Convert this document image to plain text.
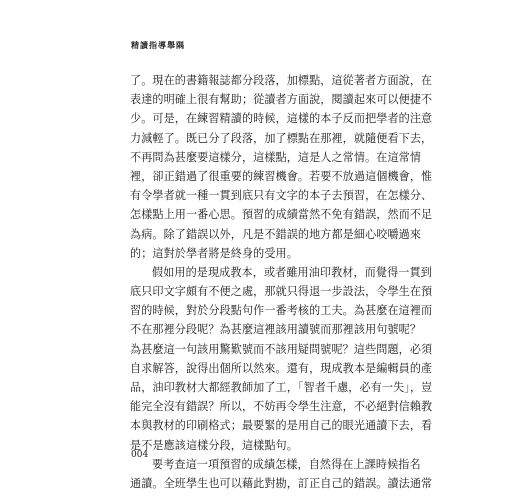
精讀指導舉隅
了。現在的書籍報誌都分段落，加標點，這從著者方面說，在
表達的明確上很有幫助；從讀者方面說，閱讀起來可以便捷不
少。可是，在練習精讀的時候，這樣的本子反而把學者的注意
力減輕了。既已分了段落，加了標點在那裡，就隨便看下去，
不再問為甚麼要這樣分，這樣點，這是人之常情。在這常情
裡，卻正錯過了很重要的練習機會。若要不放過這個機會，惟
有令學者就一種一貫到底只有文字的本子去預習，在怎樣分、
怎樣點上用一番心思。預習的成績當然不免有錯誤，然而不足
為病。除了錯誤以外，凡是不錯誤的地方都是細心咬嚼過來
的；這對於學者將是終身的受用。
假如用的是現成教本，或者雖用油印教材，而覺得一貫到
底只印文字頗有不便之處，那就只得退一步設法，令學生在預
習的時候，對於分段點句作一番考核的工夫。為甚麼在這裡而
不在那裡分段呢？為甚麼這裡該用讀號而那裡該用句號呢？
為甚麼這一句該用驚歎號而不該用疑問號呢？這些問題，必須
自求解答，說得出個所以然來。還有，現成教本是編輯員的產
品，油印教材大都經教師加了工，「智者千慮，必有一失」，豈
能完全沒有錯誤？所以，不妨再令學生注意，不必絕對信賴教
本與教材的印刷格式；最要緊的是用自己的眼光通讀下去，看
是不是應該這樣分段，這樣點句。
要考查這一項預習的成績怎樣，自然得在上課時候指名
通讀。全班學生也可以藉此對勘，訂正自己的錯誤。讀法通常
004
